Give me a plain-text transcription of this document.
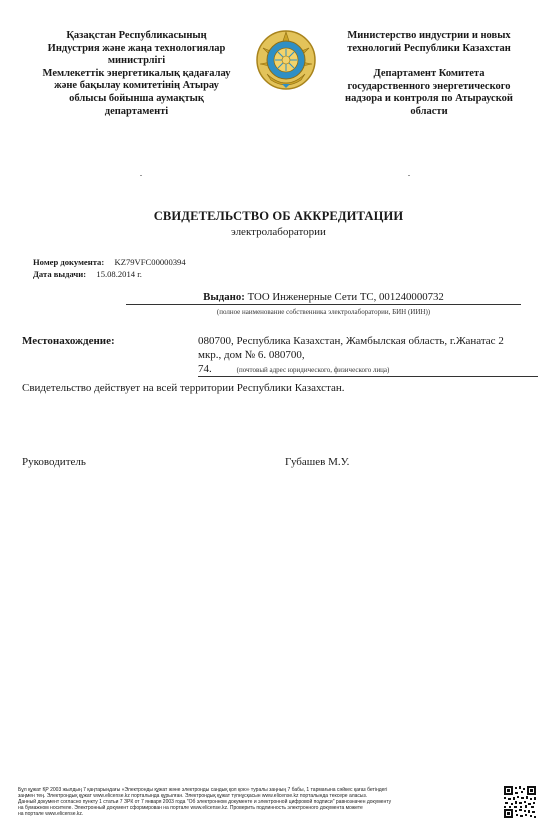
Қазақстан Республикасының
Индустрия және жаңа технологиялар
министрлігі
Мемлекеттік энергетикалық қадағалау
және бақылау комитетінің Атырау
облысы бойынша аумақтық
департаменті
Министерство индустрии и новых
технологий Республики Казахстан
Департамент Комитета
государственного энергетического
надзора и контроля по Атырауской
области
СВИДЕТЕЛЬСТВО ОБ АККРЕДИТАЦИИ
электролаборатории
Номер документа: KZ79VFC00000394
Дата выдачи: 15.08.2014 г.
Выдано: ТОО Инженерные Сети ТС, 001240000732
(полное наименование собственника электролаборатории, БИН (ИИН))
Местонахождение:	080700, Республика Казахстан, Жамбылская область, г.Жанатас 2
мкр., дом № 6. 080700, 74.	(почтовый адрес юридического, физического лица)
Свидетельство действует на всей территории Республики Казахстан.
Руководитель	Губашев М.У.
Бұл құжат ҚР 2003 жылдың 7 қаңтарындағы «Электронды құжат және электронды сандық қол қою» туралы заңның 7 бабы, 1 тармағына сәйкес қағаз бетіндегі
заңмен тең. Электрондық құжат www.elicense.kz порталында құрылған. Электрондық құжат түпнұсқасын www.elicense.kz порталында тексере аласыз.
Данный документ согласно пункту 1 статьи 7 ЗРК от 7 января 2003 года "Об электронном документе и электронной цифровой подписи" равнозначен документу
на бумажном носителе. Электронный документ сформирован на портале www.elicense.kz. Проверить подлинность электронного документа можете
на портале www.elicense.kz.
